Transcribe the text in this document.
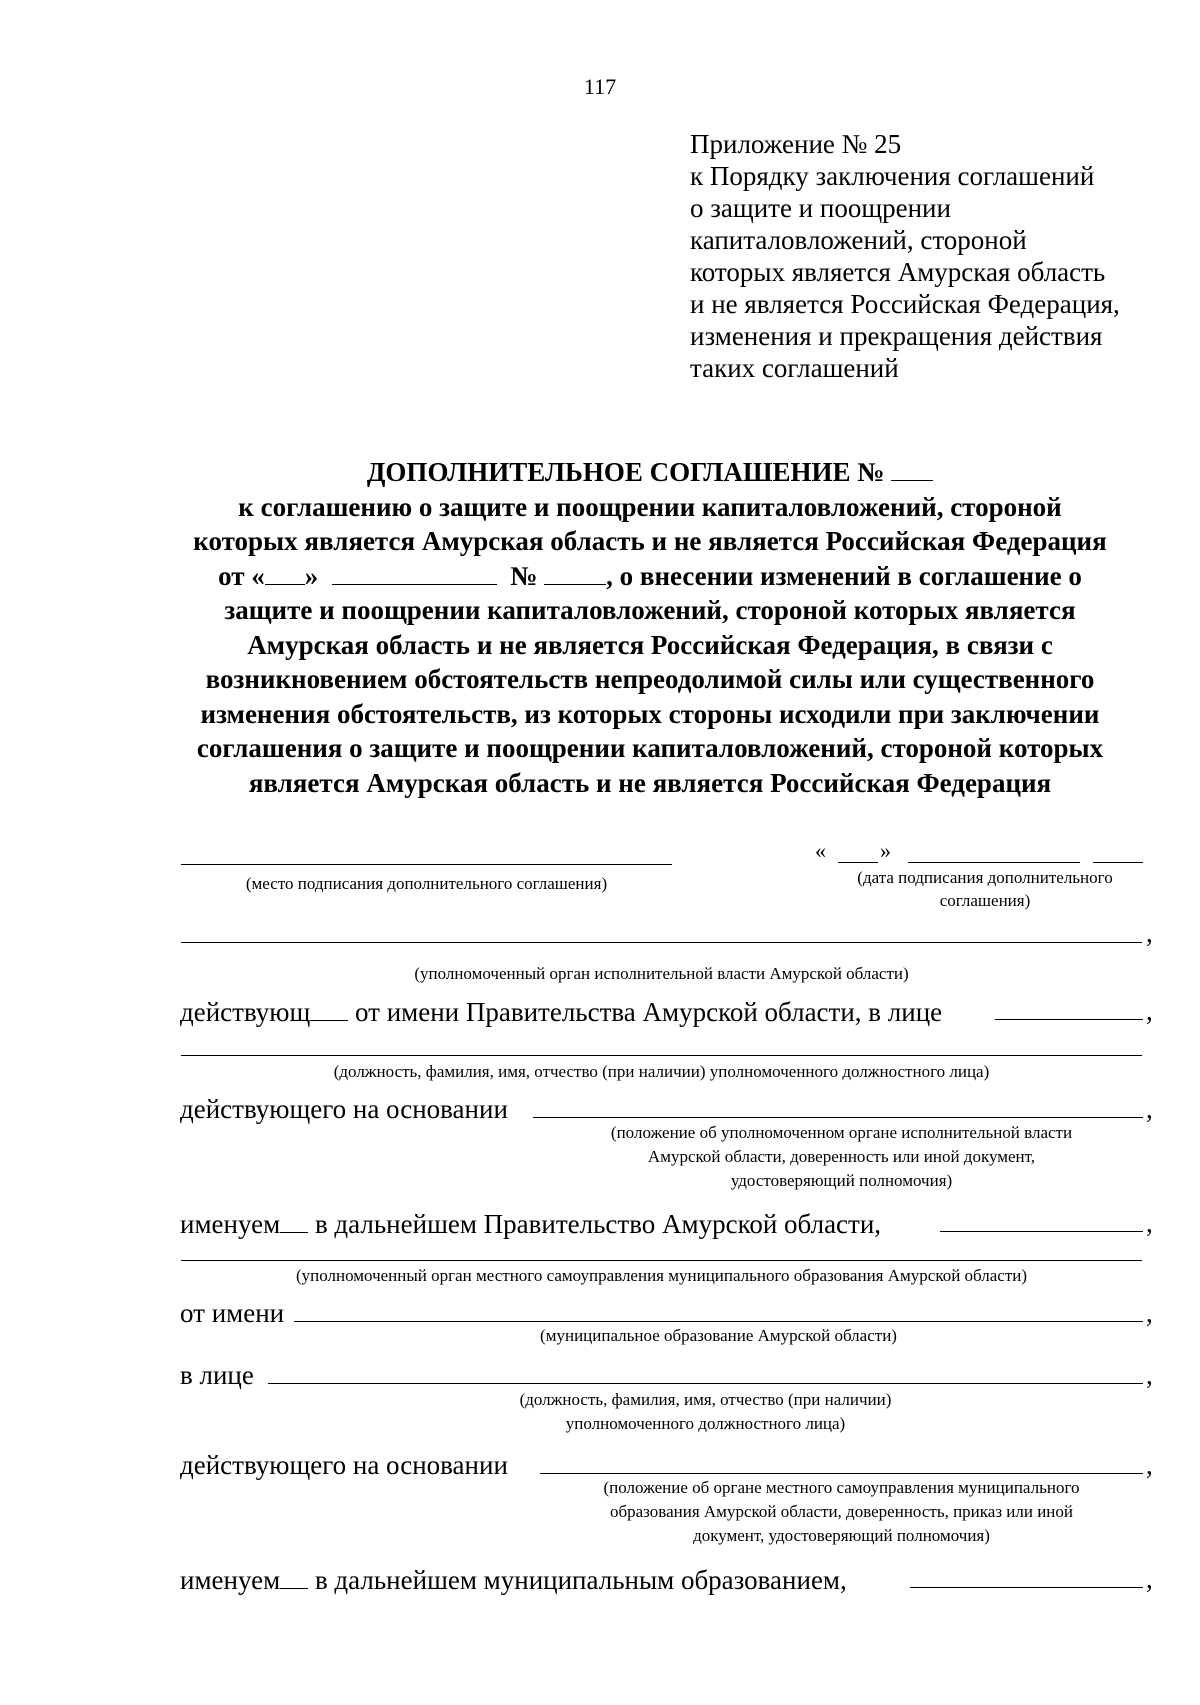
117
Приложение № 25
к Порядку заключения соглашений
о защите и поощрении
капиталовложений, стороной
которых является Амурская область
и не является Российская Федерация,
изменения и прекращения действия
таких соглашений
ДОПОЛНИТЕЛЬНОЕ СОГЛАШЕНИЕ №
к соглашению о защите и поощрении капиталовложений, стороной
которых является Амурская область и не является Российская Федерация
от « »	№	, о внесении изменений в соглашение о
защите и поощрении капиталовложений, стороной которых является
Амурская область и не является Российская Федерация, в связи с
возникновением обстоятельств непреодолимой силы или существенного
изменения обстоятельств, из которых стороны исходили при заключении
соглашения о защите и поощрении капиталовложений, стороной которых
является Амурская область и не является Российская Федерация
(место подписания дополнительного соглашения)
« »
(дата подписания дополнительного
соглашения)
,
(уполномоченный орган исполнительной власти Амурской области)
действующ от имени Правительства Амурской области, в лице	,
(должность, фамилия, имя, отчество (при наличии) уполномоченного должностного лица)
действующего на основании	,
(положение об уполномоченном органе исполнительной власти
Амурской области, доверенность или иной документ,
удостоверяющий полномочия)
именуем в дальнейшем Правительство Амурской области,	,
(уполномоченный орган местного самоуправления муниципального образования Амурской области)
от имени	,
(муниципальное образование Амурской области)
в лице	,
(должность, фамилия, имя, отчество (при наличии)
уполномоченного должностного лица)
действующего на основании	,
(положение об органе местного самоуправления муниципального
образования Амурской области, доверенность, приказ или иной
документ, удостоверяющий полномочия)
именуем в дальнейшем муниципальным образованием,	,
